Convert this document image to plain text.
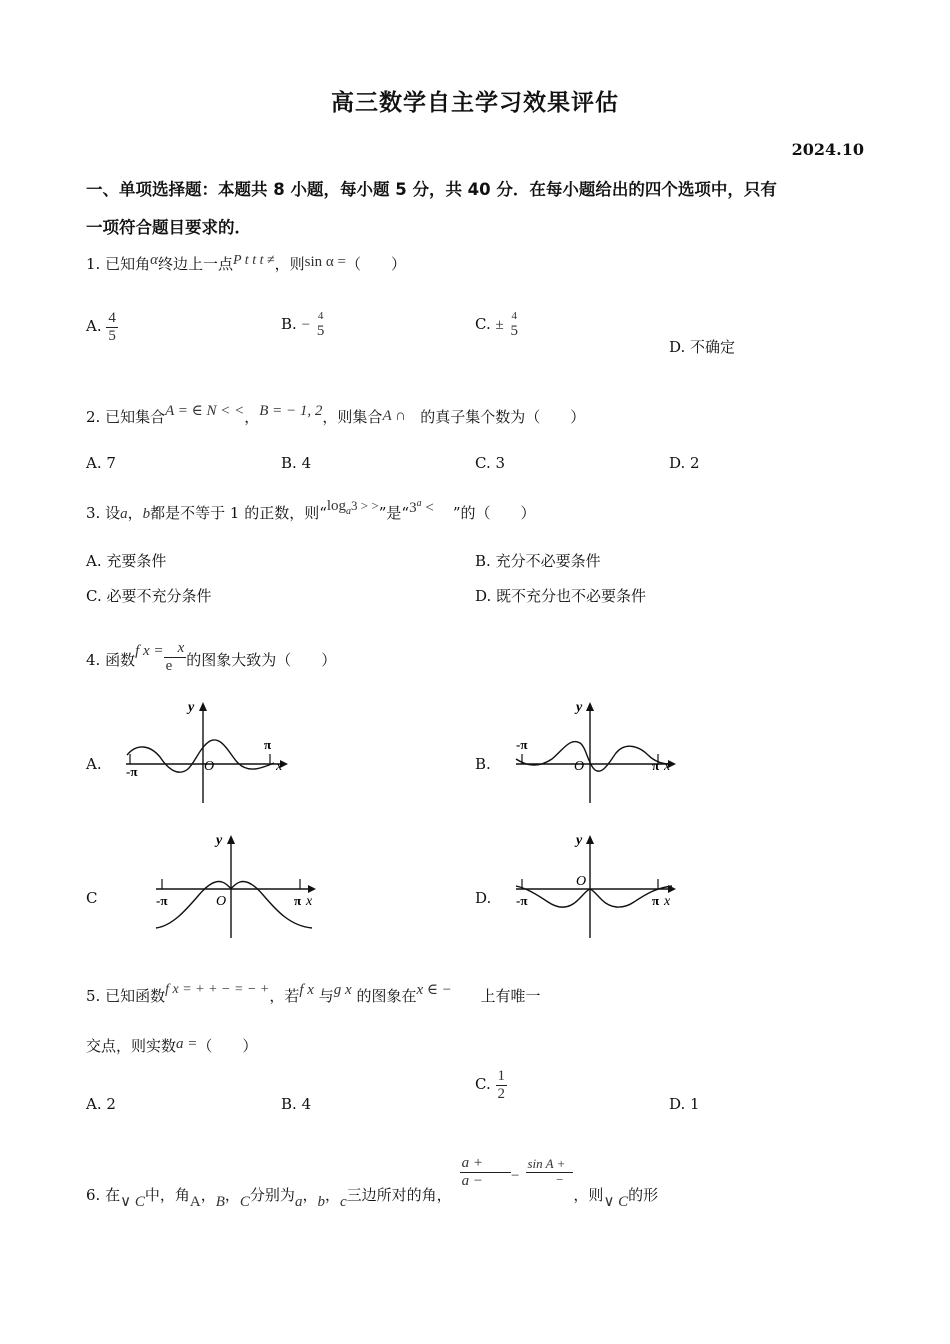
高三数学自主学习效果评估
2024.10
一、单项选择题：本题共 8 小题，每小题 5 分，共 40 分．在每小题给出的四个选项中，只有
一项符合题目要求的．
1. 已知角α终边上一点P t t t ≠，则sin α =（　　）
A. $\frac{4}{5}$	B. −
4
5	C. ±
4
5
D. 不确定
2. 已知集合A = ∈ N < <，B = − 1, 2，则集合A ∩ 的真子集个数为（　　）
A. 7	B. 4	C. 3	D. 2
3. 设a，b都是不等于 1 的正数，则“$\log_a3$ > >”是“$3^a$ < ”的（　　）
A. 充要条件	B. 充分不必要条件
C. 必要不充分条件	D. 既不充分也不必要条件
4. 函数f $x = \frac{x}{e}$ 的图象大致为（　　）
A.	B.
C	D.
y
x
O
π
-π
y
x
O	π
-π
y
x
O	π
-π
y
x
O
π
-π
5. 已知函数f x = + + − = − +，若f x 与g x 的图象在x ∈ − 上有唯一
交点，则实数a =（　　）
A. 2	B. 4
C. $\frac{1}{2}$
D. 1
6. 在∨ C中，角A，B，C分别为a，b，c三边所对的角，
$\frac{a +}{a -} - \frac{\text{sin A +}}{-}$
，则∨ C的形
